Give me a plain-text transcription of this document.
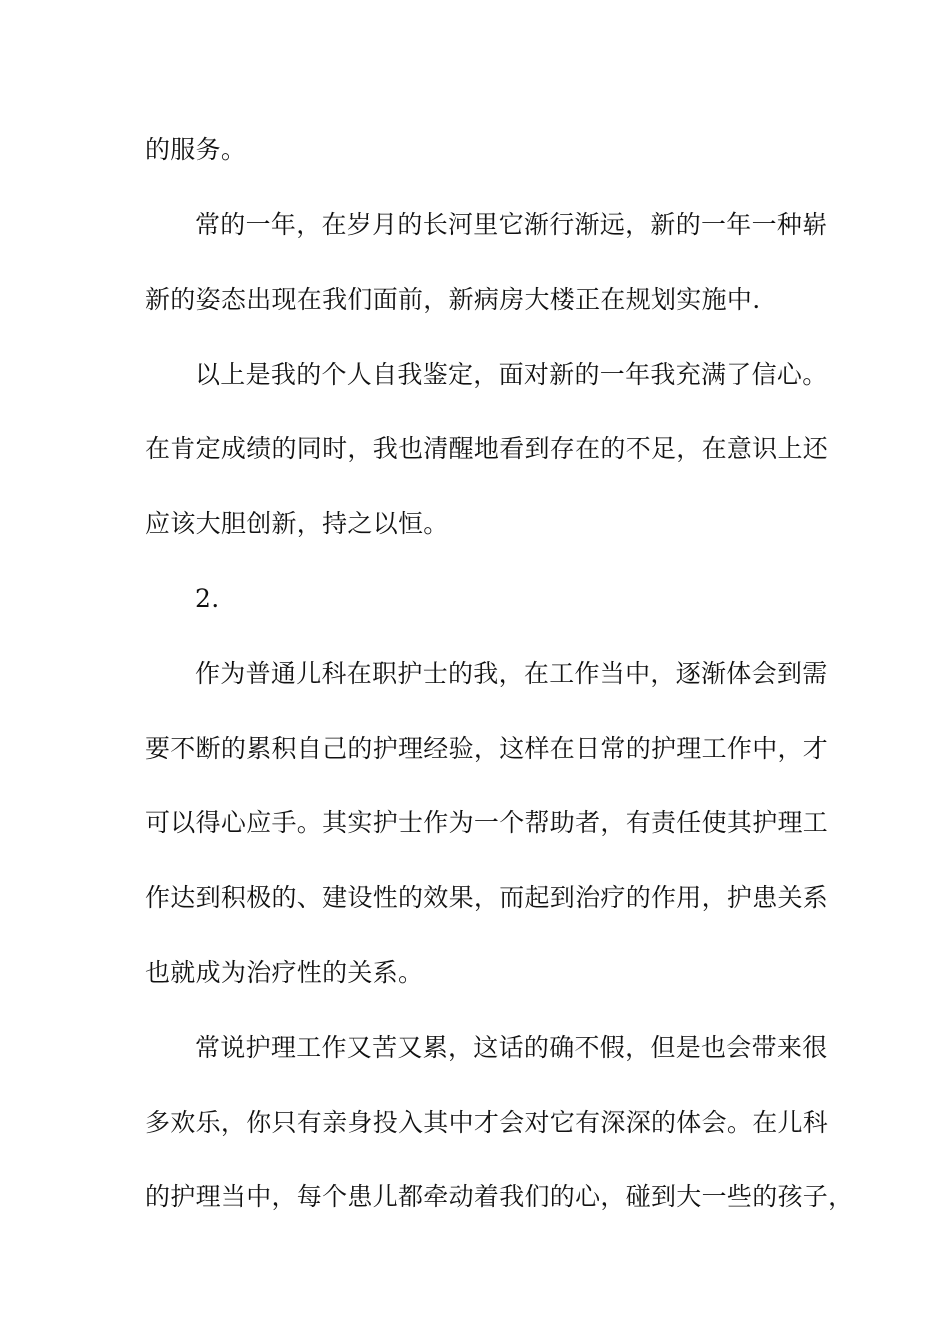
的服务。
常的一年，在岁月的长河里它渐行渐远，新的一年一种崭
新的姿态出现在我们面前，新病房大楼正在规划实施中.
以上是我的个人自我鉴定，面对新的一年我充满了信心。
在肯定成绩的同时，我也清醒地看到存在的不足，在意识上还
应该大胆创新，持之以恒。
2.
作为普通儿科在职护士的我，在工作当中，逐渐体会到需
要不断的累积自己的护理经验，这样在日常的护理工作中，才
可以得心应手。其实护士作为一个帮助者，有责任使其护理工
作达到积极的、建设性的效果，而起到治疗的作用，护患关系
也就成为治疗性的关系。
常说护理工作又苦又累，这话的确不假，但是也会带来很
多欢乐，你只有亲身投入其中才会对它有深深的体会。在儿科
的护理当中，每个患儿都牵动着我们的心，碰到大一些的孩子，
